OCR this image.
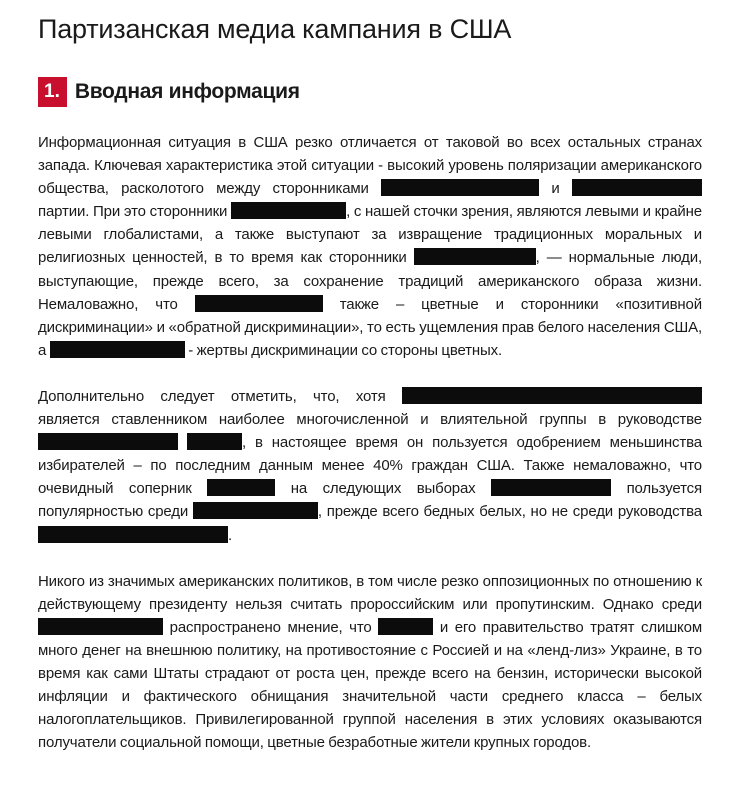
Партизанская медиа кампания в США
1. Вводная информация

Информационная ситуация в США резко отличается от таковой во всех остальных странах запада. Ключевая характеристика этой ситуации - высокий уровень поляризации американского общества, расколотого между сторонниками	и  партии. При это сторонники	, с нашей сточки зрения, являются левыми и крайне левыми глобалистами, а также выступают за извращение традиционных моральных и религиозных ценностей, в то время как сторонники	, — нормальные люди, выступающие, прежде всего, за сохранение традиций американского образа жизни. Немаловажно, что	также – цветные и сторонники «позитивной дискриминации» и «обратной дискриминации», то есть ущемления прав белого населения США, а	- жертвы дискриминации со стороны цветных.

Дополнительно следует отметить, что, хотя  является ставленником наиболее многочисленной и влиятельной группы в руководстве  , в настоящее время он пользуется одобрением меньшинства избирателей – по последним данным менее 40% граждан США. Также немаловажно, что очевидный соперник	на следующих выборах	пользуется популярностью среди	, прежде всего бедных белых, но не среди руководства .

Никого из значимых американских политиков, в том числе резко оппозиционных по отношению к действующему президенту нельзя считать пророссийским или пропутинским. Однако среди  распространено мнение, что	и его правительство тратят слишком много денег на внешнюю политику, на противостояние с Россией и на «ленд-лиз» Украине, в то время как сами Штаты страдают от роста цен, прежде всего на бензин, исторически высокой инфляции и фактического обнищания значительной части среднего класса – белых налогоплательщиков. Привилегированной группой населения в этих условиях оказываются получатели социальной помощи, цветные безработные жители крупных городов.
